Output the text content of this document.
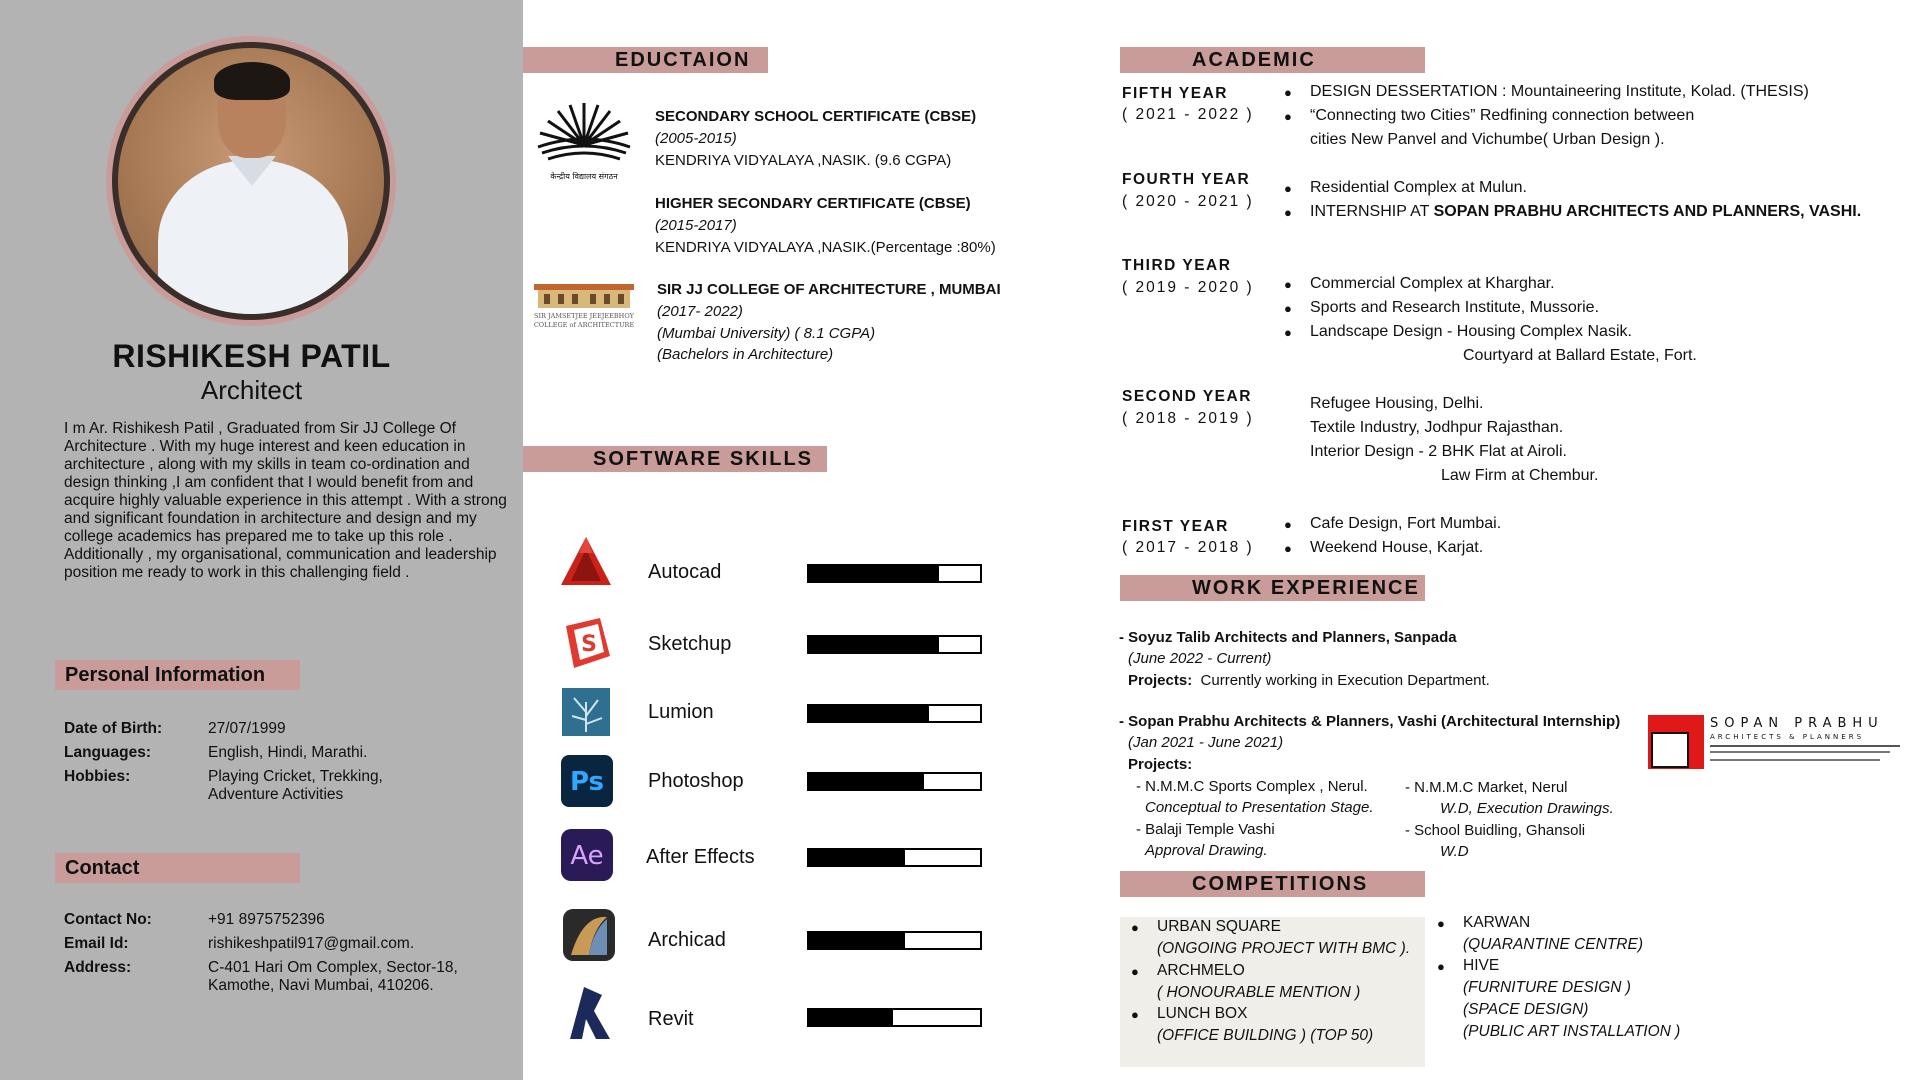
RISHIKESH PATIL
Architect
I m Ar. Rishikesh Patil , Graduated from Sir JJ College Of Architecture . With my huge interest and keen education in architecture , along with my skills in team co-ordination and design thinking ,I am confident that I would benefit from and acquire highly valuable experience in this attempt . With a strong and significant foundation in architecture and design and my college academics has prepared me to take up this role . Additionally , my organisational, communication and leadership position me ready to work in this challenging field .
Personal Information
Date of Birth:	27/07/1999
Languages:	English, Hindi, Marathi.
Hobbies:	Playing Cricket, Trekking,
Adventure Activities
Contact
Contact No:	+91 8975752396
Email Id:	rishikeshpatil917@gmail.com.
Address:	C-401 Hari Om Complex, Sector-18,
Kamothe, Navi Mumbai, 410206.
EDUCTAION
केन्द्रीय विद्यालय संगठन
SECONDARY SCHOOL CERTIFICATE (CBSE)
(2005-2015)
KENDRIYA VIDYALAYA ,NASIK. (9.6 CGPA)
HIGHER SECONDARY CERTIFICATE (CBSE)
(2015-2017)
KENDRIYA VIDYALAYA ,NASIK.(Percentage :80%)
SIR JAMSETJEE JEEJEEBHOY
COLLEGE of ARCHITECTURE
SIR JJ COLLEGE OF ARCHITECTURE , MUMBAI
(2017- 2022)
(Mumbai University) ( 8.1 CGPA)
(Bachelors in Architecture)
SOFTWARE SKILLS
S
Ps
Ae
Autocad
Sketchup
Lumion
Photoshop
After Effects
Archicad
Revit
ACADEMIC
FIFTH YEAR
( 2021 - 2022 )
● DESIGN DESSERTATION : Mountaineering Institute, Kolad. (THESIS)
● “Connecting two Cities” Redfining connection between
cities New Panvel and Vichumbe( Urban Design ).
FOURTH YEAR
( 2020 - 2021 )
● Residential Complex at Mulun.
● INTERNSHIP AT SOPAN PRABHU ARCHITECTS AND PLANNERS, VASHI.
THIRD YEAR
( 2019 - 2020 )
●	Commercial Complex at Kharghar.
● Sports and Research Institute, Mussorie.
● Landscape Design - Housing Complex Nasik.
Courtyard at Ballard Estate, Fort.
SECOND YEAR
( 2018 - 2019 )
Refugee Housing, Delhi.
Textile Industry, Jodhpur Rajasthan.
Interior Design - 2 BHK Flat at Airoli.
Law Firm at Chembur.
FIRST YEAR
( 2017 - 2018 )
● Cafe Design, Fort Mumbai.
● Weekend House, Karjat.
WORK EXPERIENCE
- Soyuz Talib Architects and Planners, Sanpada
(June 2022 - Current)
Projects: Currently working in Execution Department.
- Sopan Prabhu Architects & Planners, Vashi (Architectural Internship)
(Jan 2021 - June 2021)
Projects:
- N.M.M.C Sports Complex , Nerul.
Conceptual to Presentation Stage.
- Balaji Temple Vashi
Approval Drawing.
- N.M.M.C Market, Nerul
W.D, Execution Drawings.
- School Buidling, Ghansoli
W.D
SOPAN PRABHU
ARCHITECTS & PLANNERS
COMPETITIONS
● URBAN SQUARE
(ONGOING PROJECT WITH BMC ).
● ARCHMELO
( HONOURABLE MENTION )
● LUNCH BOX
(OFFICE BUILDING ) (TOP 50)
● KARWAN
(QUARANTINE CENTRE)
● HIVE
(FURNITURE DESIGN )
(SPACE DESIGN)
(PUBLIC ART INSTALLATION )
